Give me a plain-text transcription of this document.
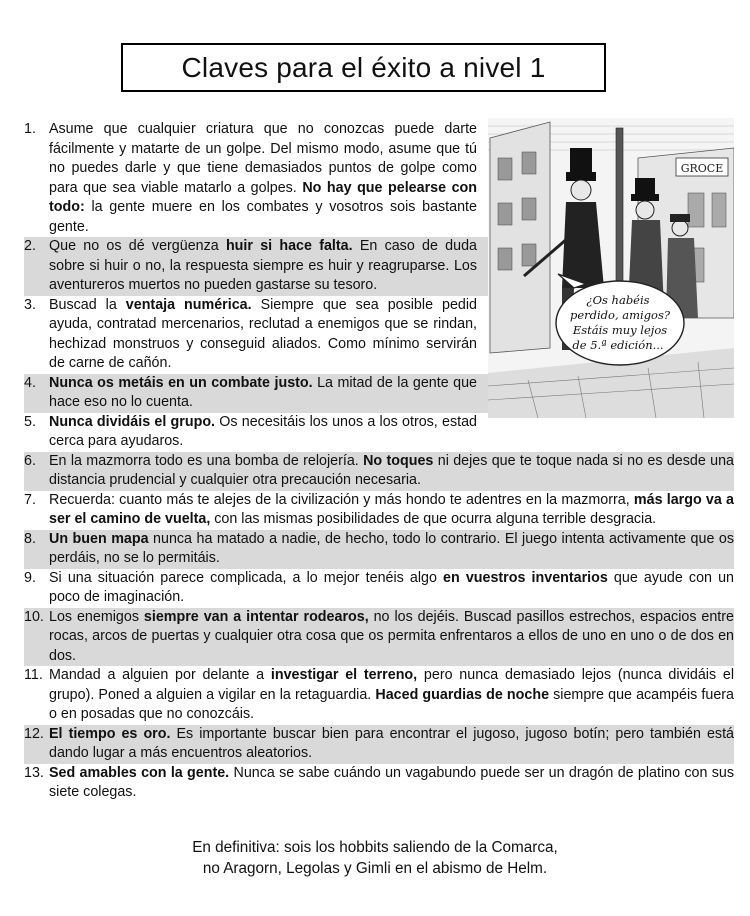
Claves para el éxito a nivel 1
1. Asume que cualquier criatura que no conozcas puede darte fácilmente y matarte de un golpe. Del mismo modo, asume que tú no puedes darle y que tiene demasiados puntos de golpe como para que sea viable matarlo a golpes. No hay que pelearse con todo: la gente muere en los combates y vosotros sois bastante gente.
2. Que no os dé vergüenza huir si hace falta. En caso de duda sobre si huir o no, la respuesta siempre es huir y reagruparse. Los aventureros muertos no pueden gastarse su tesoro.
3. Buscad la ventaja numérica. Siempre que sea posible pedid ayuda, contratad mercenarios, reclutad a enemigos que se rindan, hechizad monstruos y conseguid aliados. Como mínimo servirán de carne de cañón.
4. Nunca os metáis en un combate justo. La mitad de la gente que hace eso no lo cuenta.
5. Nunca dividáis el grupo. Os necesitáis los unos a los otros, estad cerca para ayudaros.
6. En la mazmorra todo es una bomba de relojería. No toques ni dejes que te toque nada si no es desde una distancia prudencial y cualquier otra precaución necesaria.
7. Recuerda: cuanto más te alejes de la civilización y más hondo te adentres en la mazmorra, más largo va a ser el camino de vuelta, con las mismas posibilidades de que ocurra alguna terrible desgracia.
8. Un buen mapa nunca ha matado a nadie, de hecho, todo lo contrario. El juego intenta activamente que os perdáis, no se lo permitáis.
9. Si una situación parece complicada, a lo mejor tenéis algo en vuestros inventarios que ayude con un poco de imaginación.
10. Los enemigos siempre van a intentar rodearos, no los dejéis. Buscad pasillos estrechos, espacios entre rocas, arcos de puertas y cualquier otra cosa que os permita enfrentaros a ellos de uno en uno o de dos en dos.
11. Mandad a alguien por delante a investigar el terreno, pero nunca demasiado lejos (nunca dividáis el grupo). Poned a alguien a vigilar en la retaguardia. Haced guardias de noche siempre que acampéis fuera o en posadas que no conozcáis.
12. El tiempo es oro. Es importante buscar bien para encontrar el jugoso, jugoso botín; pero también está dando lugar a más encuentros aleatorios.
13. Sed amables con la gente. Nunca se sabe cuándo un vagabundo puede ser un dragón de platino con sus siete colegas.
GROCE
¿Os habéis
perdido, amigos?
Estáis muy lejos
de 5.ª edición...
En definitiva: sois los hobbits saliendo de la Comarca,
no Aragorn, Legolas y Gimli en el abismo de Helm.
